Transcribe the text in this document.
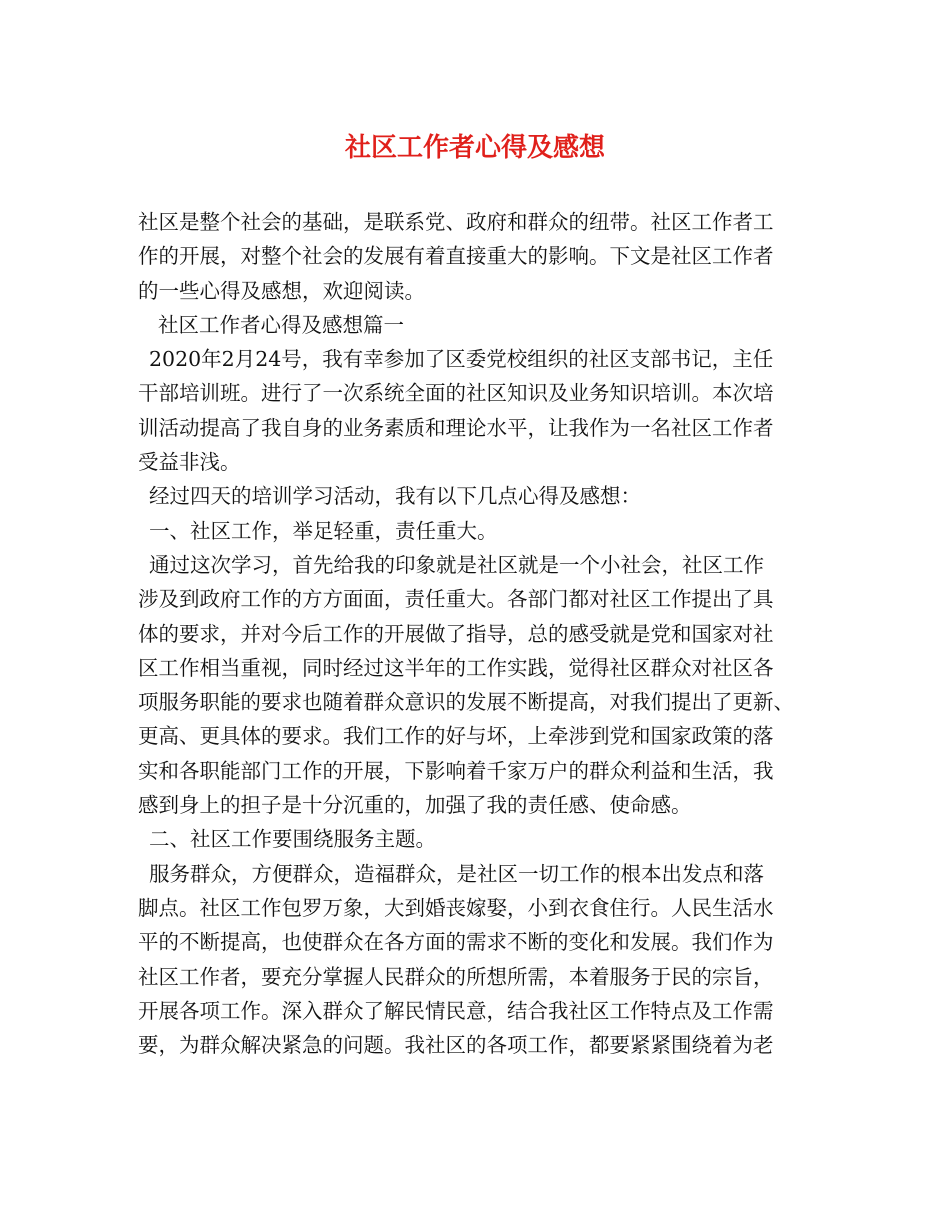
社区工作者心得及感想
社区是整个社会的基础，是联系党、政府和群众的纽带。社区工作者工
作的开展，对整个社会的发展有着直接重大的影响。下文是社区工作者
的一些心得及感想，欢迎阅读。
社区工作者心得及感想篇一
2020年2月24号，我有幸参加了区委党校组织的社区支部书记，主任
干部培训班。进行了一次系统全面的社区知识及业务知识培训。本次培
训活动提高了我自身的业务素质和理论水平，让我作为一名社区工作者
受益非浅。
经过四天的培训学习活动，我有以下几点心得及感想：
一、社区工作，举足轻重，责任重大。
通过这次学习，首先给我的印象就是社区就是一个小社会，社区工作
涉及到政府工作的方方面面，责任重大。各部门都对社区工作提出了具
体的要求，并对今后工作的开展做了指导，总的感受就是党和国家对社
区工作相当重视，同时经过这半年的工作实践，觉得社区群众对社区各
项服务职能的要求也随着群众意识的发展不断提高，对我们提出了更新、
更高、更具体的要求。我们工作的好与坏，上牵涉到党和国家政策的落
实和各职能部门工作的开展，下影响着千家万户的群众利益和生活，我
感到身上的担子是十分沉重的，加强了我的责任感、使命感。
二、社区工作要围绕服务主题。
服务群众，方便群众，造福群众，是社区一切工作的根本出发点和落
脚点。社区工作包罗万象，大到婚丧嫁娶，小到衣食住行。人民生活水
平的不断提高，也使群众在各方面的需求不断的变化和发展。我们作为
社区工作者，要充分掌握人民群众的所想所需，本着服务于民的宗旨，
开展各项工作。深入群众了解民情民意，结合我社区工作特点及工作需
要，为群众解决紧急的问题。我社区的各项工作，都要紧紧围绕着为老
